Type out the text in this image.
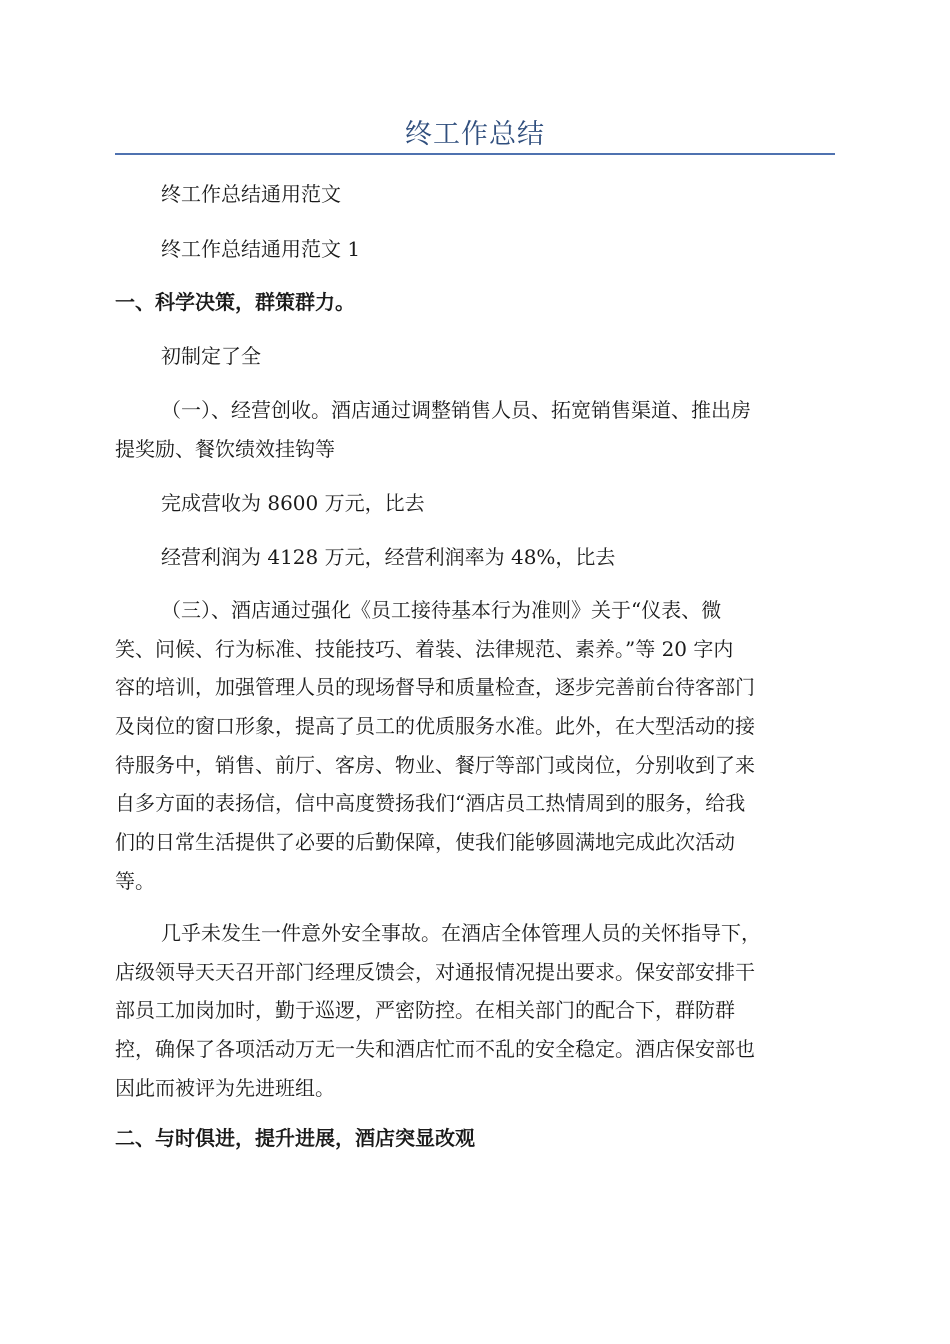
终工作总结

终工作总结通用范文

终工作总结通用范文 1

一、科学决策，群策群力。

初制定了全

（一）、经营创收。酒店通过调整销售人员、拓宽销售渠道、推出房
提奖励、餐饮绩效挂钩等

完成营收为 8600 万元，比去

经营利润为 4128 万元，经营利润率为 48%，比去

（三）、酒店通过强化《员工接待基本行为准则》关于“仪表、微
笑、问候、行为标准、技能技巧、着装、法律规范、素养。”等 20 字内
容的培训，加强管理人员的现场督导和质量检查，逐步完善前台待客部门
及岗位的窗口形象，提高了员工的优质服务水准。此外，在大型活动的接
待服务中，销售、前厅、客房、物业、餐厅等部门或岗位，分别收到了来
自多方面的表扬信，信中高度赞扬我们“酒店员工热情周到的服务，给我
们的日常生活提供了必要的后勤保障，使我们能够圆满地完成此次活动
等。
几乎未发生一件意外安全事故。在酒店全体管理人员的关怀指导下，
店级领导天天召开部门经理反馈会，对通报情况提出要求。保安部安排干
部员工加岗加时，勤于巡逻，严密防控。在相关部门的配合下，群防群
控，确保了各项活动万无一失和酒店忙而不乱的安全稳定。酒店保安部也
因此而被评为先进班组。

二、与时俱进，提升进展，酒店突显改观
